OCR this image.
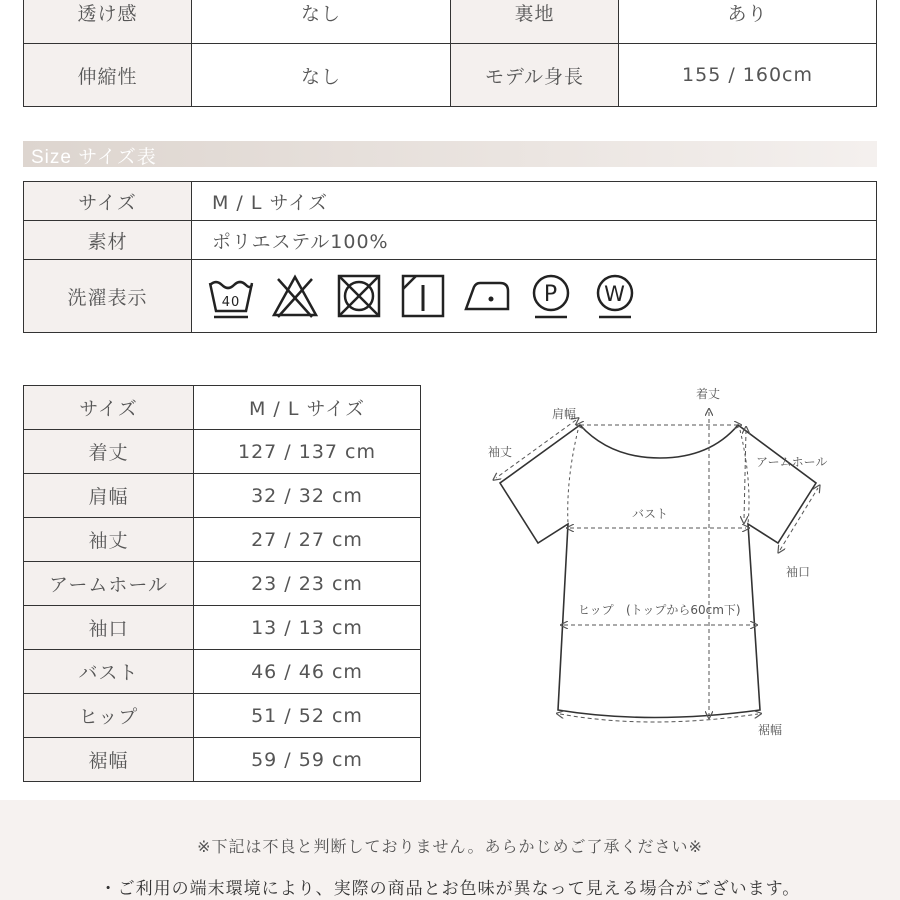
透け感	なし	裏地	あり
伸縮性	なし	モデル身長	155 / 160cm
Size サイズ表
サイズ	M / L サイズ
素材	ポリエステル100%
洗濯表示	40 P W
サイズ	M / L サイズ
着丈	127 / 137 cm
肩幅	32 / 32 cm
袖丈	27 / 27 cm
アームホール	23 / 23 cm
袖口	13 / 13 cm
バスト	46 / 46 cm
ヒップ	51 / 52 cm
裾幅	59 / 59 cm
着丈
肩幅
袖丈
アームホール
袖口
バスト
ヒップ (トップから60cm下)
裾幅
※下記は不良と判断しておりません。あらかじめご了承ください※
・ご利用の端末環境により、実際の商品とお色味が異なって見える場合がございます。
